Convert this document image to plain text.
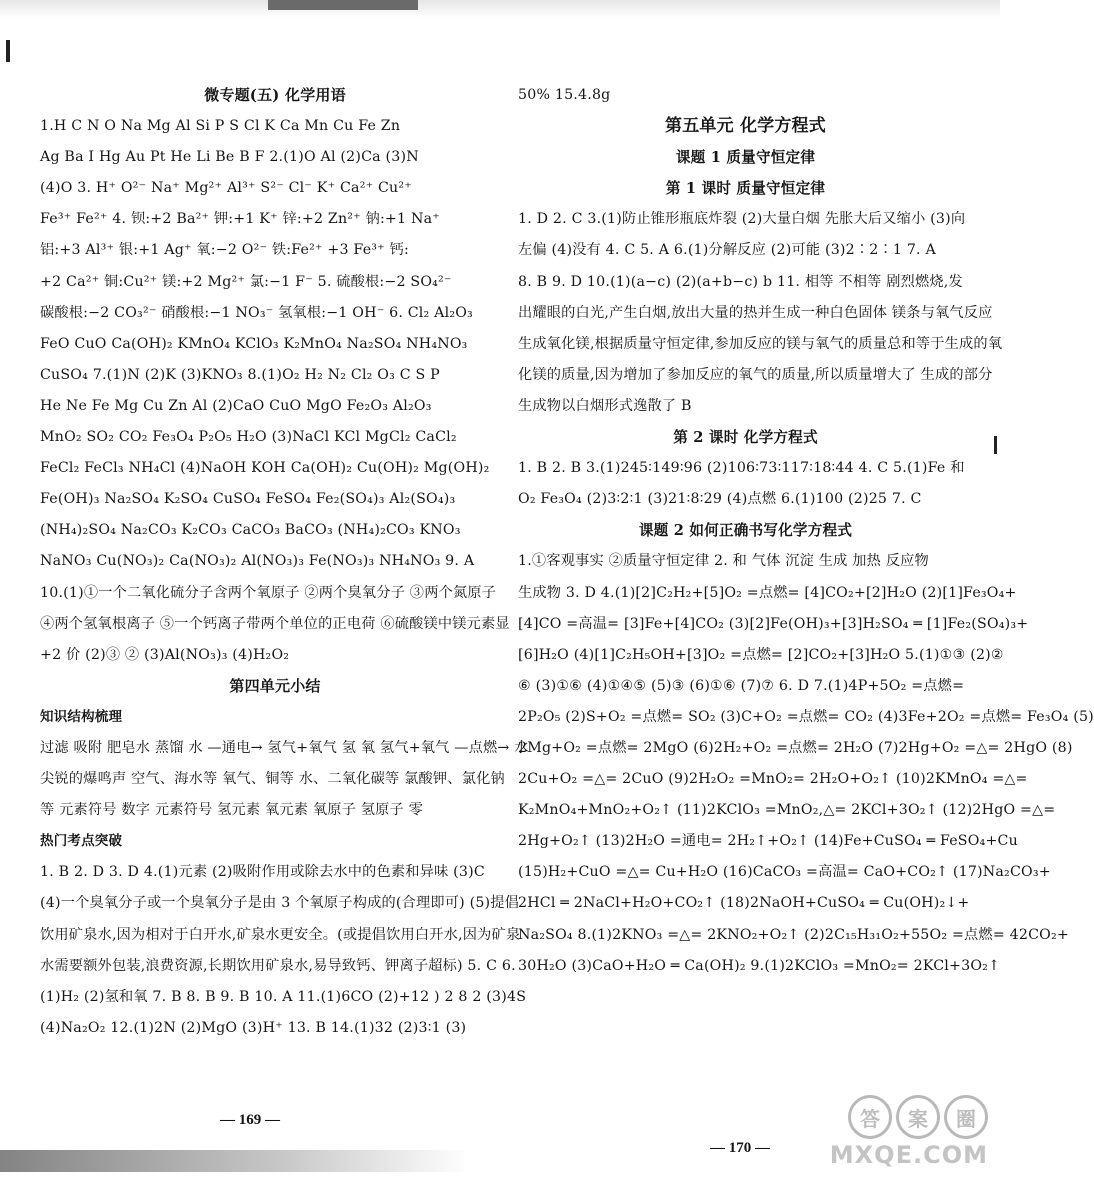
微专题(五) 化学用语
1.H C N O Na Mg Al Si P S Cl K Ca Mn Cu Fe Zn
Ag Ba I Hg Au Pt He Li Be B F 2.(1)O Al (2)Ca (3)N
(4)O 3. H⁺ O²⁻ Na⁺ Mg²⁺ Al³⁺ S²⁻ Cl⁻ K⁺ Ca²⁺ Cu²⁺
Fe³⁺ Fe²⁺ 4. 钡:+2 Ba²⁺ 钾:+1 K⁺ 锌:+2 Zn²⁺ 钠:+1 Na⁺
铝:+3 Al³⁺ 银:+1 Ag⁺ 氧:−2 O²⁻ 铁:Fe²⁺ +3 Fe³⁺ 钙:
+2 Ca²⁺ 铜:Cu²⁺ 镁:+2 Mg²⁺ 氯:−1 F⁻ 5. 硫酸根:−2 SO₄²⁻
碳酸根:−2 CO₃²⁻ 硝酸根:−1 NO₃⁻ 氢氧根:−1 OH⁻ 6. Cl₂ Al₂O₃
FeO CuO Ca(OH)₂ KMnO₄ KClO₃ K₂MnO₄ Na₂SO₄ NH₄NO₃
CuSO₄ 7.(1)N (2)K (3)KNO₃ 8.(1)O₂ H₂ N₂ Cl₂ O₃ C S P
He Ne Fe Mg Cu Zn Al (2)CaO CuO MgO Fe₂O₃ Al₂O₃
MnO₂ SO₂ CO₂ Fe₃O₄ P₂O₅ H₂O (3)NaCl KCl MgCl₂ CaCl₂
FeCl₂ FeCl₃ NH₄Cl (4)NaOH KOH Ca(OH)₂ Cu(OH)₂ Mg(OH)₂
Fe(OH)₃ Na₂SO₄ K₂SO₄ CuSO₄ FeSO₄ Fe₂(SO₄)₃ Al₂(SO₄)₃
(NH₄)₂SO₄ Na₂CO₃ K₂CO₃ CaCO₃ BaCO₃ (NH₄)₂CO₃ KNO₃
NaNO₃ Cu(NO₃)₂ Ca(NO₃)₂ Al(NO₃)₃ Fe(NO₃)₃ NH₄NO₃ 9. A
10.(1)①一个二氧化硫分子含两个氧原子 ②两个臭氧分子 ③两个氮原子
④两个氢氧根离子 ⑤一个钙离子带两个单位的正电荷 ⑥硫酸镁中镁元素显
+2 价 (2)③ ② (3)Al(NO₃)₃ (4)H₂O₂
第四单元小结
知识结构梳理
过滤 吸附 肥皂水 蒸馏 水 —通电→ 氢气+氧气 氢 氧 氢气+氧气 —点燃→ 水
尖锐的爆鸣声 空气、海水等 氧气、铜等 水、二氧化碳等 氯酸钾、氯化钠
等 元素符号 数字 元素符号 氢元素 氧元素 氧原子 氢原子 零
热门考点突破
1. B 2. D 3. D 4.(1)元素 (2)吸附作用或除去水中的色素和异味 (3)C
(4)一个臭氧分子或一个臭氧分子是由 3 个氧原子构成的(合理即可) (5)提倡
饮用矿泉水,因为相对于白开水,矿泉水更安全。(或提倡饮用白开水,因为矿泉
水需要额外包装,浪费资源,长期饮用矿泉水,易导致钙、钾离子超标) 5. C 6.
(1)H₂ (2)氢和氧 7. B 8. B 9. B 10. A 11.(1)6CO (2)+12 ) 2 8 2 (3)4S
(4)Na₂O₂ 12.(1)2N (2)MgO (3)H⁺ 13. B 14.(1)32 (2)3∶1 (3)
— 169 —
50% 15.4.8g
第五单元 化学方程式
课题 1 质量守恒定律
第 1 课时 质量守恒定律
1. D 2. C 3.(1)防止锥形瓶底炸裂 (2)大量白烟 先胀大后又缩小 (3)向
左偏 (4)没有 4. C 5. A 6.(1)分解反应 (2)可能 (3)2∶2∶1 7. A
8. B 9. D 10.(1)(a−c) (2)(a+b−c) b 11. 相等 不相等 剧烈燃烧,发
出耀眼的白光,产生白烟,放出大量的热并生成一种白色固体 镁条与氧气反应
生成氧化镁,根据质量守恒定律,参加反应的镁与氧气的质量总和等于生成的氧
化镁的质量,因为增加了参加反应的氧气的质量,所以质量增大了 生成的部分
生成物以白烟形式逸散了 B
第 2 课时 化学方程式
1. B 2. B 3.(1)245∶149∶96 (2)106∶73∶117∶18∶44 4. C 5.(1)Fe 和
O₂ Fe₃O₄ (2)3∶2∶1 (3)21∶8∶29 (4)点燃 6.(1)100 (2)25 7. C
课题 2 如何正确书写化学方程式
1.①客观事实 ②质量守恒定律 2. 和 气体 沉淀 生成 加热 反应物
生成物 3. D 4.(1)[2]C₂H₂+[5]O₂ =点燃= [4]CO₂+[2]H₂O (2)[1]Fe₃O₄+
[4]CO =高温= [3]Fe+[4]CO₂ (3)[2]Fe(OH)₃+[3]H₂SO₄ ═ [1]Fe₂(SO₄)₃+
[6]H₂O (4)[1]C₂H₅OH+[3]O₂ =点燃= [2]CO₂+[3]H₂O 5.(1)①③ (2)②
⑥ (3)①⑥ (4)①④⑤ (5)③ (6)①⑥ (7)⑦ 6. D 7.(1)4P+5O₂ =点燃=
2P₂O₅ (2)S+O₂ =点燃= SO₂ (3)C+O₂ =点燃= CO₂ (4)3Fe+2O₂ =点燃= Fe₃O₄ (5)
2Mg+O₂ =点燃= 2MgO (6)2H₂+O₂ =点燃= 2H₂O (7)2Hg+O₂ =△= 2HgO (8)
2Cu+O₂ =△= 2CuO (9)2H₂O₂ =MnO₂= 2H₂O+O₂↑ (10)2KMnO₄ =△=
K₂MnO₄+MnO₂+O₂↑ (11)2KClO₃ =MnO₂,△= 2KCl+3O₂↑ (12)2HgO =△=
2Hg+O₂↑ (13)2H₂O =通电= 2H₂↑+O₂↑ (14)Fe+CuSO₄ ═ FeSO₄+Cu
(15)H₂+CuO =△= Cu+H₂O (16)CaCO₃ =高温= CaO+CO₂↑ (17)Na₂CO₃+
2HCl ═ 2NaCl+H₂O+CO₂↑ (18)2NaOH+CuSO₄ ═ Cu(OH)₂↓+
Na₂SO₄ 8.(1)2KNO₃ =△= 2KNO₂+O₂↑ (2)2C₁₅H₃₁O₂+55O₂ =点燃= 42CO₂+
30H₂O (3)CaO+H₂O ═ Ca(OH)₂ 9.(1)2KClO₃ =MnO₂= 2KCl+3O₂↑
— 170 —
答	案	圈
MXQE.COM
